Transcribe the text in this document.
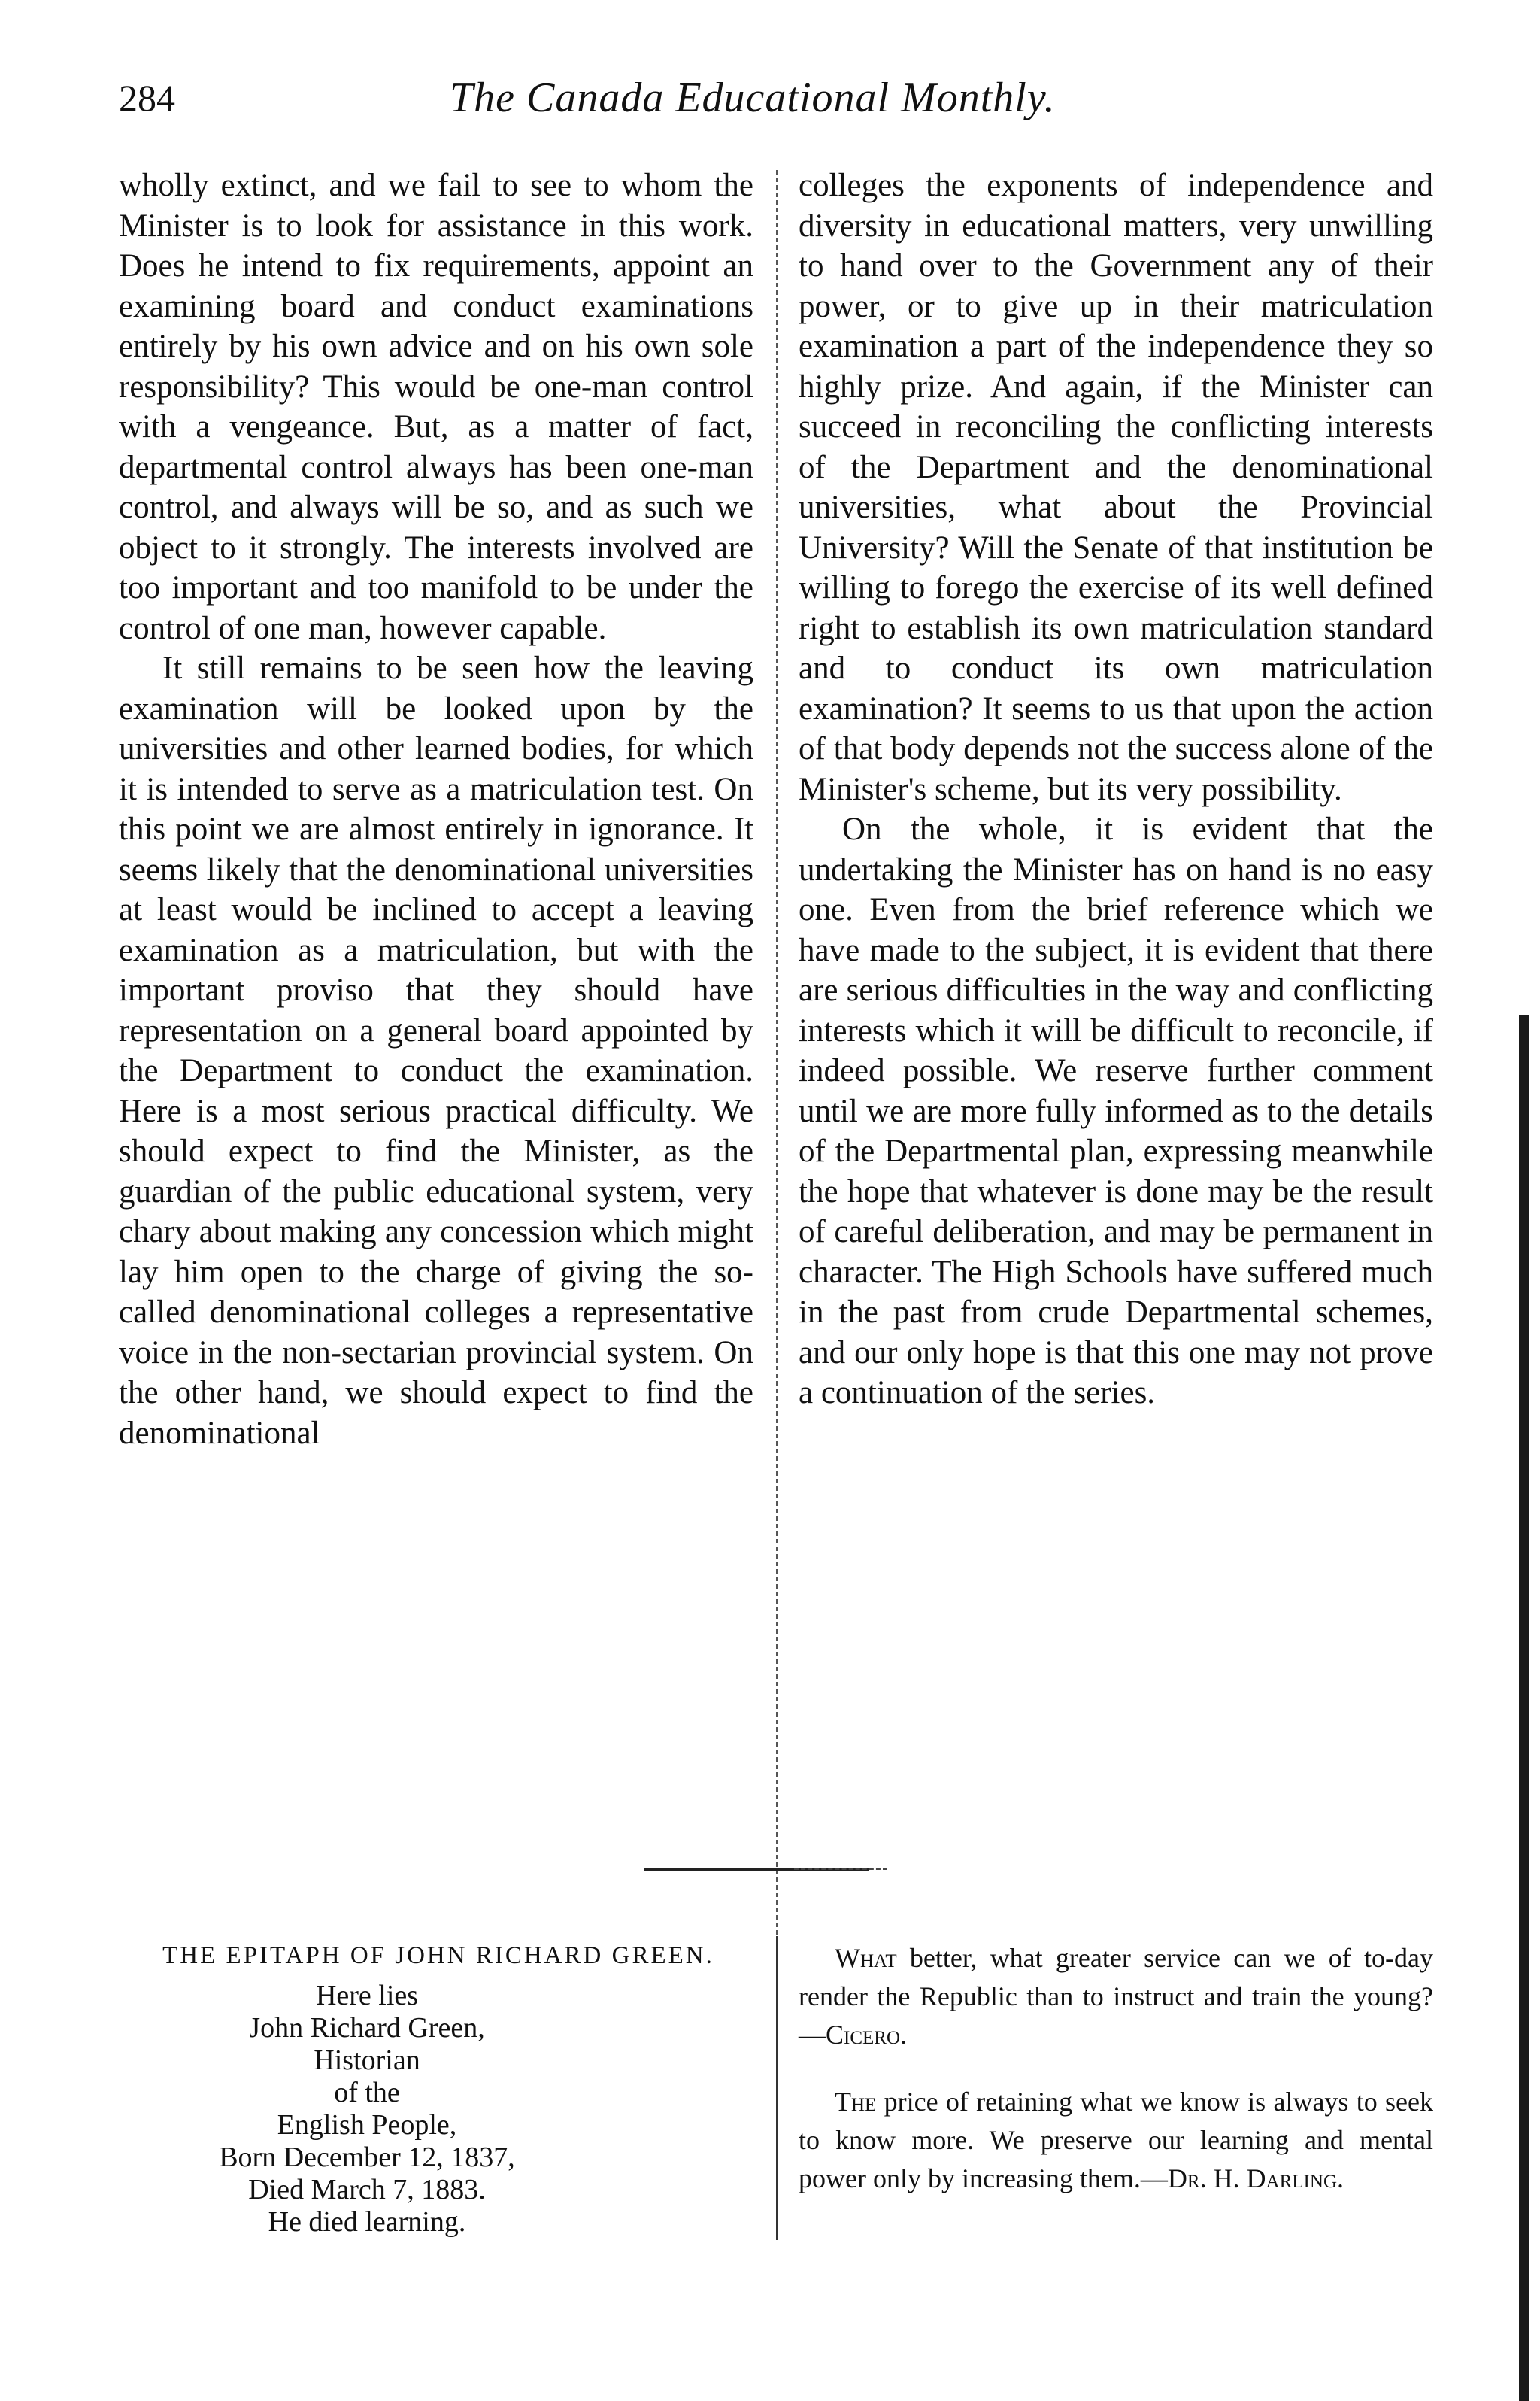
284	The Canada Educational Monthly.

wholly extinct, and we fail to see to whom the Minister is to look for assistance in this work. Does he intend to fix requirements, appoint an examining board and conduct examinations entirely by his own advice and on his own sole responsibility? This would be one-man control with a vengeance. But, as a matter of fact, departmental control always has been one-man control, and always will be so, and as such we object to it strongly. The interests involved are too important and too manifold to be under the control of one man, however capable.

It still remains to be seen how the leaving examination will be looked upon by the universities and other learned bodies, for which it is intended to serve as a matriculation test. On this point we are almost entirely in ignorance. It seems likely that the denominational universities at least would be inclined to accept a leaving examination as a matriculation, but with the important proviso that they should have representation on a general board appointed by the Department to conduct the examination. Here is a most serious practical difficulty. We should expect to find the Minister, as the guardian of the public educational system, very chary about making any concession which might lay him open to the charge of giving the so-called denominational colleges a representative voice in the non-sectarian provincial system. On the other hand, we should expect to find the denominational

colleges the exponents of independence and diversity in educational matters, very unwilling to hand over to the Government any of their power, or to give up in their matriculation examination a part of the independence they so highly prize. And again, if the Minister can succeed in reconciling the conflicting interests of the Department and the denominational universities, what about the Provincial University? Will the Senate of that institution be willing to forego the exercise of its well defined right to establish its own matriculation standard and to conduct its own matriculation examination? It seems to us that upon the action of that body depends not the success alone of the Minister's scheme, but its very possibility.

On the whole, it is evident that the undertaking the Minister has on hand is no easy one. Even from the brief reference which we have made to the subject, it is evident that there are serious difficulties in the way and conflicting interests which it will be difficult to reconcile, if indeed possible. We reserve further comment until we are more fully informed as to the details of the Departmental plan, expressing meanwhile the hope that whatever is done may be the result of careful deliberation, and may be permanent in character. The High Schools have suffered much in the past from crude Departmental schemes, and our only hope is that this one may not prove a continuation of the series.

THE EPITAPH OF JOHN RICHARD GREEN.
Here lies
John Richard Green,
Historian
of the
English People,
Born December 12, 1837,
Died March 7, 1883.
He died learning.

What better, what greater service can we of to-day render the Republic than to instruct and train the young?—Cicero.

The price of retaining what we know is always to seek to know more. We preserve our learning and mental power only by increasing them.—Dr. H. Darling.
